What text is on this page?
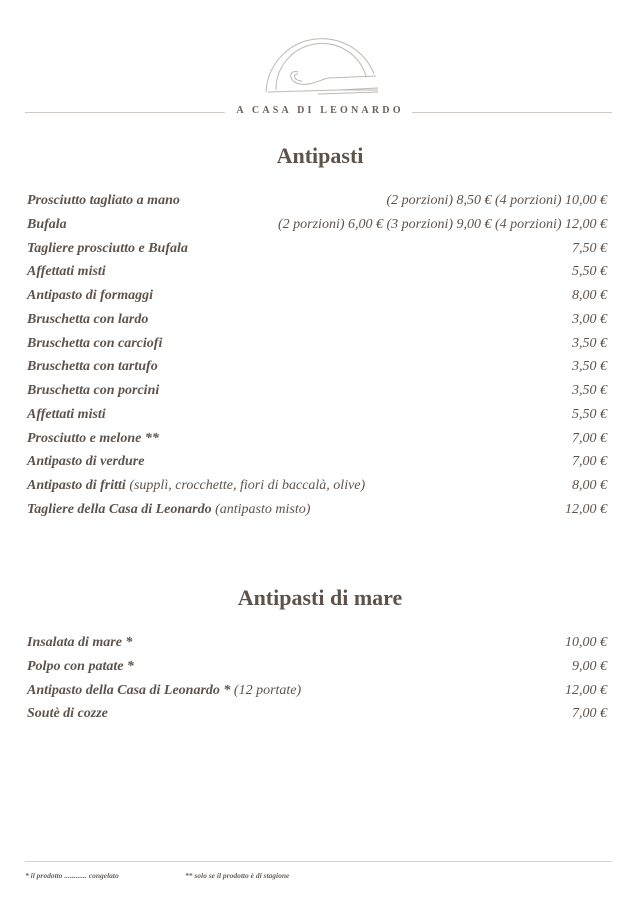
A CASA DI LEONARDO
Antipasti
Prosciutto tagliato a mano	(2 porzioni) 8,50 € (4 porzioni) 10,00 €
Bufala	(2 porzioni) 6,00 € (3 porzioni) 9,00 € (4 porzioni) 12,00 €
Tagliere prosciutto e Bufala	7,50 €
Affettati misti	5,50 €
Antipasto di formaggi	8,00 €
Bruschetta con lardo	3,00 €
Bruschetta con carciofi	3,50 €
Bruschetta con tartufo	3,50 €
Bruschetta con porcini	3,50 €
Affettati misti	5,50 €
Prosciutto e melone **	7,00 €
Antipasto di verdure	7,00 €
Antipasto di fritti (supplì, crocchette, fiori di baccalà, olive)	8,00 €
Tagliere della Casa di Leonardo (antipasto misto)	12,00 €
Antipasti di mare
Insalata di mare *	10,00 €
Polpo con patate *	9,00 €
Antipasto della Casa di Leonardo * (12 portate)	12,00 €
Soutè di cozze	7,00 €
* il prodotto ............ congelato	** solo se il prodotto è di stagione
